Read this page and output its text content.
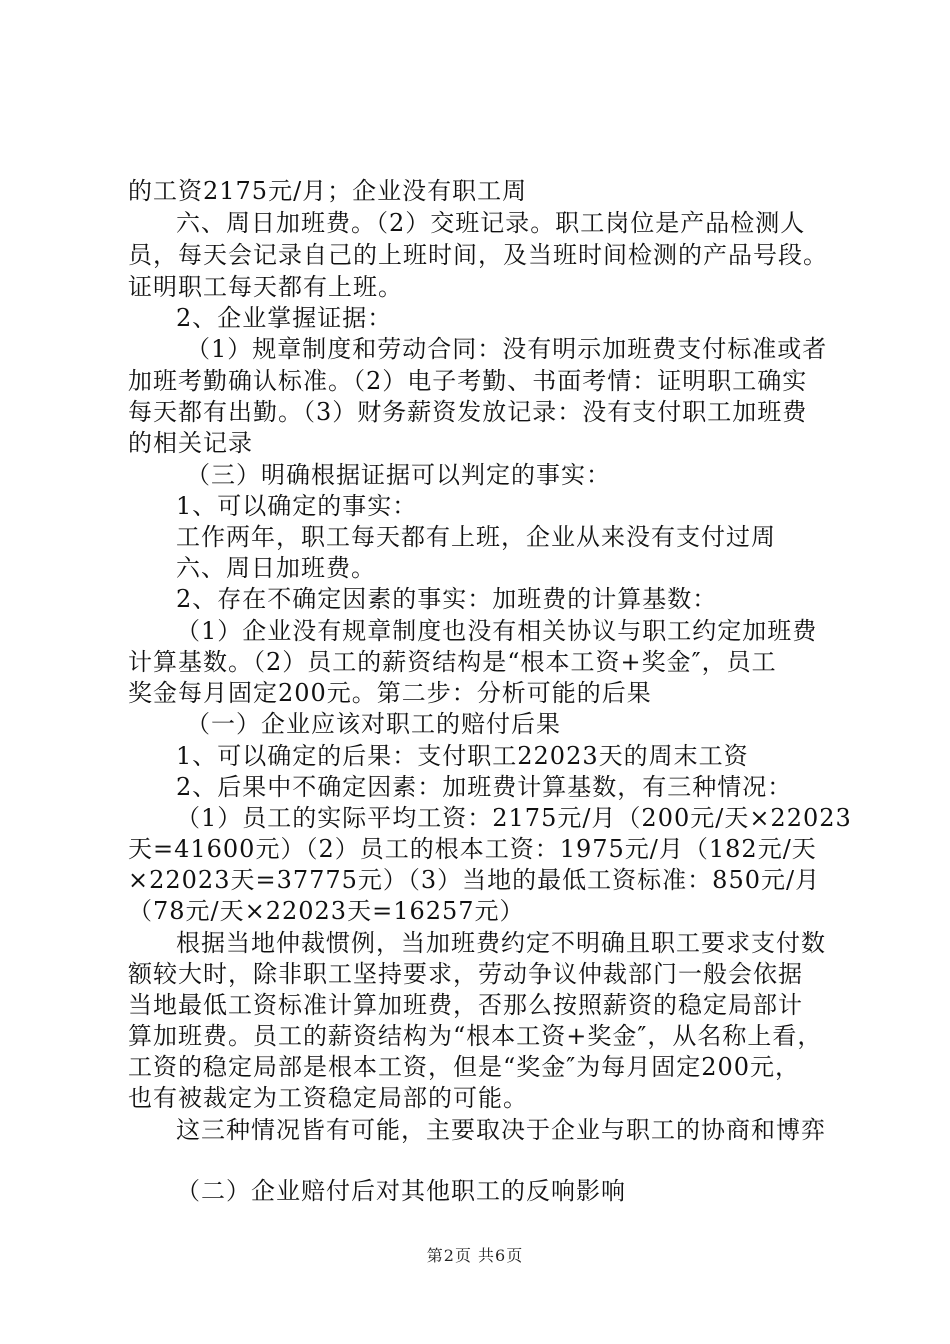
的工资2175元/月；企业没有职工周
六、周日加班费。（2）交班记录。职工岗位是产品检测人
员，每天会记录自己的上班时间，及当班时间检测的产品号段。
证明职工每天都有上班。
2、企业掌握证据：
（1）规章制度和劳动合同：没有明示加班费支付标准或者
加班考勤确认标准。（2）电子考勤、书面考情：证明职工确实
每天都有出勤。（3）财务薪资发放记录：没有支付职工加班费
的相关记录
（三）明确根据证据可以判定的事实：
1、可以确定的事实：
工作两年，职工每天都有上班，企业从来没有支付过周
六、周日加班费。
2、存在不确定因素的事实：加班费的计算基数：
（1）企业没有规章制度也没有相关协议与职工约定加班费
计算基数。（2）员工的薪资结构是“根本工资+奖金″，员工
奖金每月固定200元。第二步：分析可能的后果
（一）企业应该对职工的赔付后果
1、可以确定的后果：支付职工22023天的周末工资
2、后果中不确定因素：加班费计算基数，有三种情况：
（1）员工的实际平均工资：2175元/月（200元/天×22023
天=41600元）（2）员工的根本工资：1975元/月（182元/天
×22023天=37775元）（3）当地的最低工资标准：850元/月
（78元/天×22023天=16257元）
根据当地仲裁惯例，当加班费约定不明确且职工要求支付数
额较大时，除非职工坚持要求，劳动争议仲裁部门一般会依据
当地最低工资标准计算加班费，否那么按照薪资的稳定局部计
算加班费。员工的薪资结构为“根本工资+奖金″，从名称上看，
工资的稳定局部是根本工资，但是“奖金″为每月固定200元，
也有被裁定为工资稳定局部的可能。
这三种情况皆有可能，主要取决于企业与职工的协商和博弈
（二）企业赔付后对其他职工的反响影响
第2页 共6页
